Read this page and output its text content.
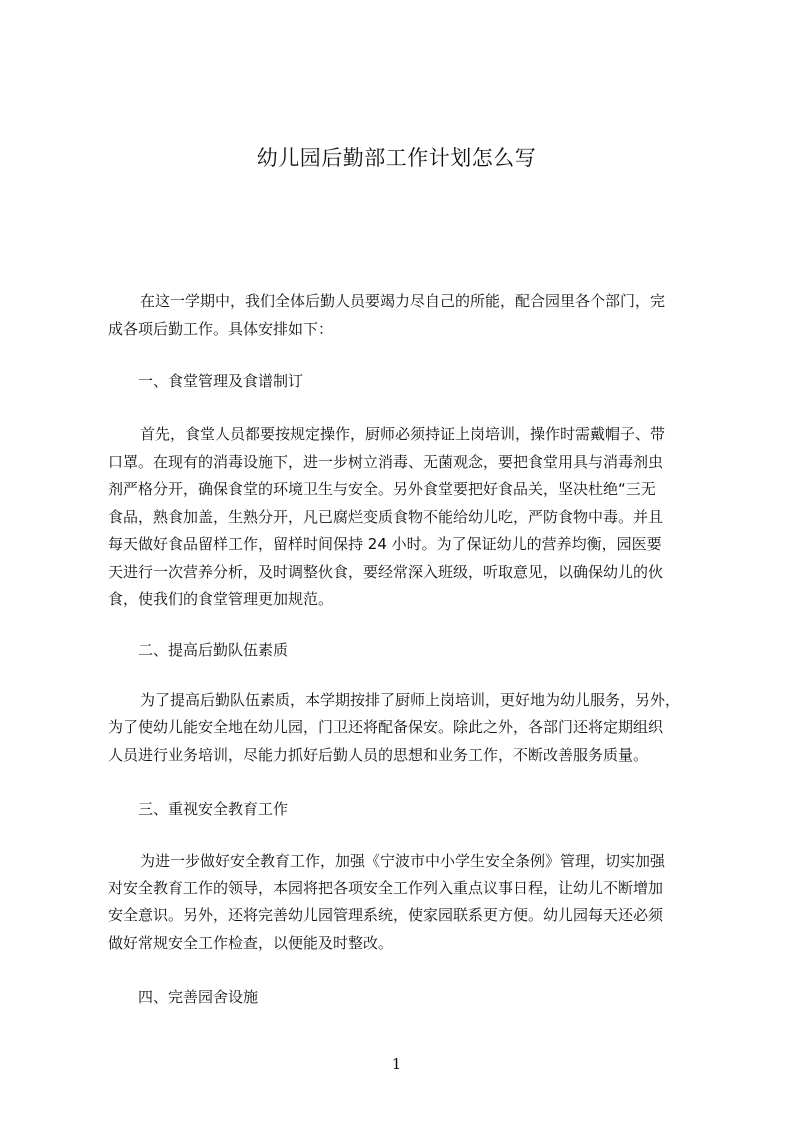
幼儿园后勤部工作计划怎么写
在这一学期中，我们全体后勤人员要竭力尽自己的所能，配合园里各个部门，完
成各项后勤工作。具体安排如下：
一、食堂管理及食谱制订
首先，食堂人员都要按规定操作，厨师必须持证上岗培训，操作时需戴帽子、带
口罩。在现有的消毒设施下，进一步树立消毒、无菌观念，要把食堂用具与消毒剂虫
剂严格分开，确保食堂的环境卫生与安全。另外食堂要把好食品关，坚决杜绝“三无
食品，熟食加盖，生熟分开，凡已腐烂变质食物不能给幼儿吃，严防食物中毒。并且
每天做好食品留样工作，留样时间保持 24 小时。为了保证幼儿的营养均衡，园医要
天进行一次营养分析，及时调整伙食，要经常深入班级，听取意见，以确保幼儿的伙
食，使我们的食堂管理更加规范。
二、提高后勤队伍素质
为了提高后勤队伍素质，本学期按排了厨师上岗培训，更好地为幼儿服务，另外，
为了使幼儿能安全地在幼儿园，门卫还将配备保安。除此之外，各部门还将定期组织
人员进行业务培训，尽能力抓好后勤人员的思想和业务工作，不断改善服务质量。
三、重视安全教育工作
为进一步做好安全教育工作，加强《宁波市中小学生安全条例》管理，切实加强
对安全教育工作的领导，本园将把各项安全工作列入重点议事日程，让幼儿不断增加
安全意识。另外，还将完善幼儿园管理系统，使家园联系更方便。幼儿园每天还必须
做好常规安全工作检查，以便能及时整改。
四、完善园舍设施
1
